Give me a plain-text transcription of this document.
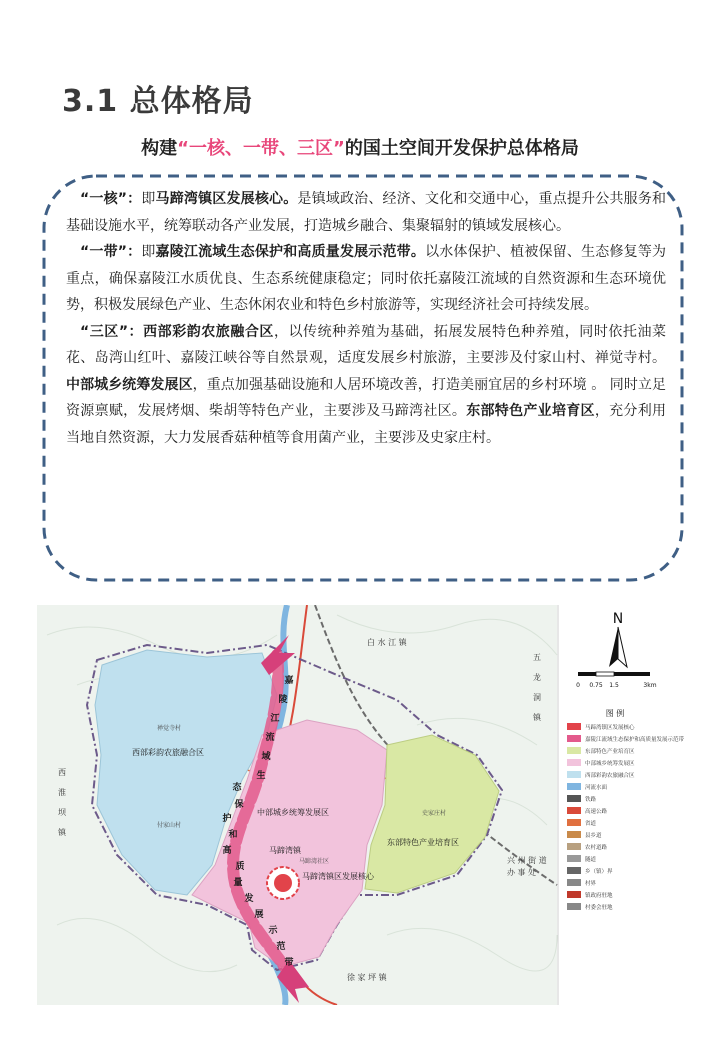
3.1 总体格局
构建“一核、一带、三区”的国土空间开发保护总体格局

“一核”：即马蹄湾镇区发展核心。是镇域政治、经济、文化和交通中心，重点提升公共服务和基础设施水平，统筹联动各产业发展，打造城乡融合、集聚辐射的镇域发展核心。

“一带”：即嘉陵江流域生态保护和高质量发展示范带。以水体保护、植被保留、生态修复等为重点，确保嘉陵江水质优良、生态系统健康稳定；同时依托嘉陵江流域的自然资源和生态环境优势，积极发展绿色产业、生态休闲农业和特色乡村旅游等，实现经济社会可持续发展。

“三区”：西部彩韵农旅融合区，以传统种养殖为基础，拓展发展特色种养殖，同时依托油菜花、岛湾山红叶、嘉陵江峡谷等自然景观，适度发展乡村旅游，主要涉及付家山村、禅觉寺村。中部城乡统筹发展区，重点加强基础设施和人居环境改善，打造美丽宜居的乡村环境 。 同时立足资源禀赋，发展烤烟、柴胡等特色产业，主要涉及马蹄湾社区。东部特色产业培育区，充分利用当地自然资源，大力发展香菇种植等食用菌产业，主要涉及史家庄村。

嘉
陵
江
流
域
生
态
保
护
和
高
质
量
发
展
示
范
带
西部彩韵农旅融合区
中部城乡统筹发展区
东部特色产业培育区
马蹄湾镇
马蹄湾镇区发展核心
付家山村
马蹄湾社区
史家庄村
禅觉寺村
白 水 江 镇
五
龙
洞
镇
西
淮
坝
镇
兴 州 街 道
办 事 处
徐 家 坪 镇
N
0 0.75 1.5	3km
图 例
马蹄湾镇区发展核心
嘉陵江流域生态保护和高质量发展示范带
东部特色产业培育区
中部城乡统筹发展区
西部彩韵农旅融合区
河流水面
铁路
高速公路
省道
县乡道
农村道路
隧道
乡（镇）界
村界
镇政府驻地
村委会驻地
